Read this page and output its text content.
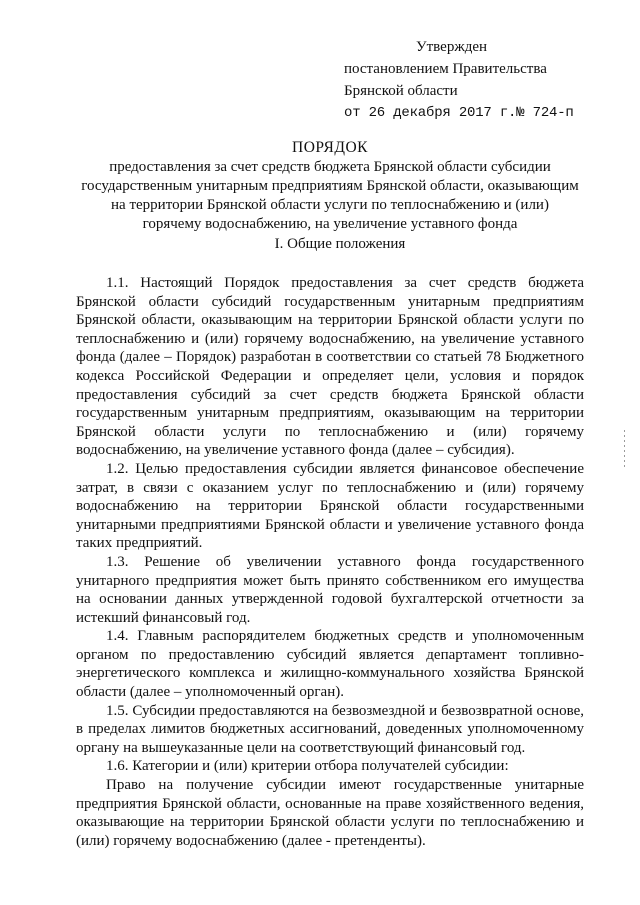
Утвержден
постановлением Правительства
Брянской области
от 26 декабря 2017 г.№ 724-п
ПОРЯДОК
предоставления за счет средств бюджета Брянской области субсидии
государственным унитарным предприятиям Брянской области, оказывающим
на территории Брянской области услуги по теплоснабжению и (или)
горячему водоснабжению, на увеличение уставного фонда
I. Общие положения

1.1. Настоящий Порядок предоставления за счет средств бюджета Брянской области субсидий государственным унитарным предприятиям Брянской области, оказывающим на территории Брянской области услуги по теплоснабжению и (или) горячему водоснабжению, на увеличение уставного фонда (далее – Порядок) разработан в соответствии со статьей 78 Бюджетного кодекса Российской Федерации и определяет цели, условия и порядок предоставления субсидий за счет средств бюджета Брянской области государственным унитарным предприятиям, оказывающим на территории Брянской области услуги по теплоснабжению и (или) горячему водоснабжению, на увеличение уставного фонда (далее – субсидия).

1.2. Целью предоставления субсидии является финансовое обеспечение затрат, в связи с оказанием услуг по теплоснабжению и (или) горячему водоснабжению на территории Брянской области государственными унитарными предприятиями Брянской области и увеличение уставного фонда таких предприятий.

1.3. Решение об увеличении уставного фонда государственного унитарного предприятия может быть принято собственником его имущества на основании данных утвержденной годовой бухгалтерской отчетности за истекший финансовый год.

1.4. Главным распорядителем бюджетных средств и уполномоченным органом по предоставлению субсидий является департамент топливно-энергетического комплекса и жилищно-коммунального хозяйства Брянской области (далее – уполномоченный орган).

1.5. Субсидии предоставляются на безвозмездной и безвозвратной основе, в пределах лимитов бюджетных ассигнований, доведенных уполномоченному органу на вышеуказанные цели на соответствующий финансовый год.

1.6. Категории и (или) критерии отбора получателей субсидии:

Право на получение субсидии имеют государственные унитарные предприятия Брянской области, основанные на праве хозяйственного ведения, оказывающие на территории Брянской области услуги по теплоснабжению и (или) горячему водоснабжению (далее - претенденты).
